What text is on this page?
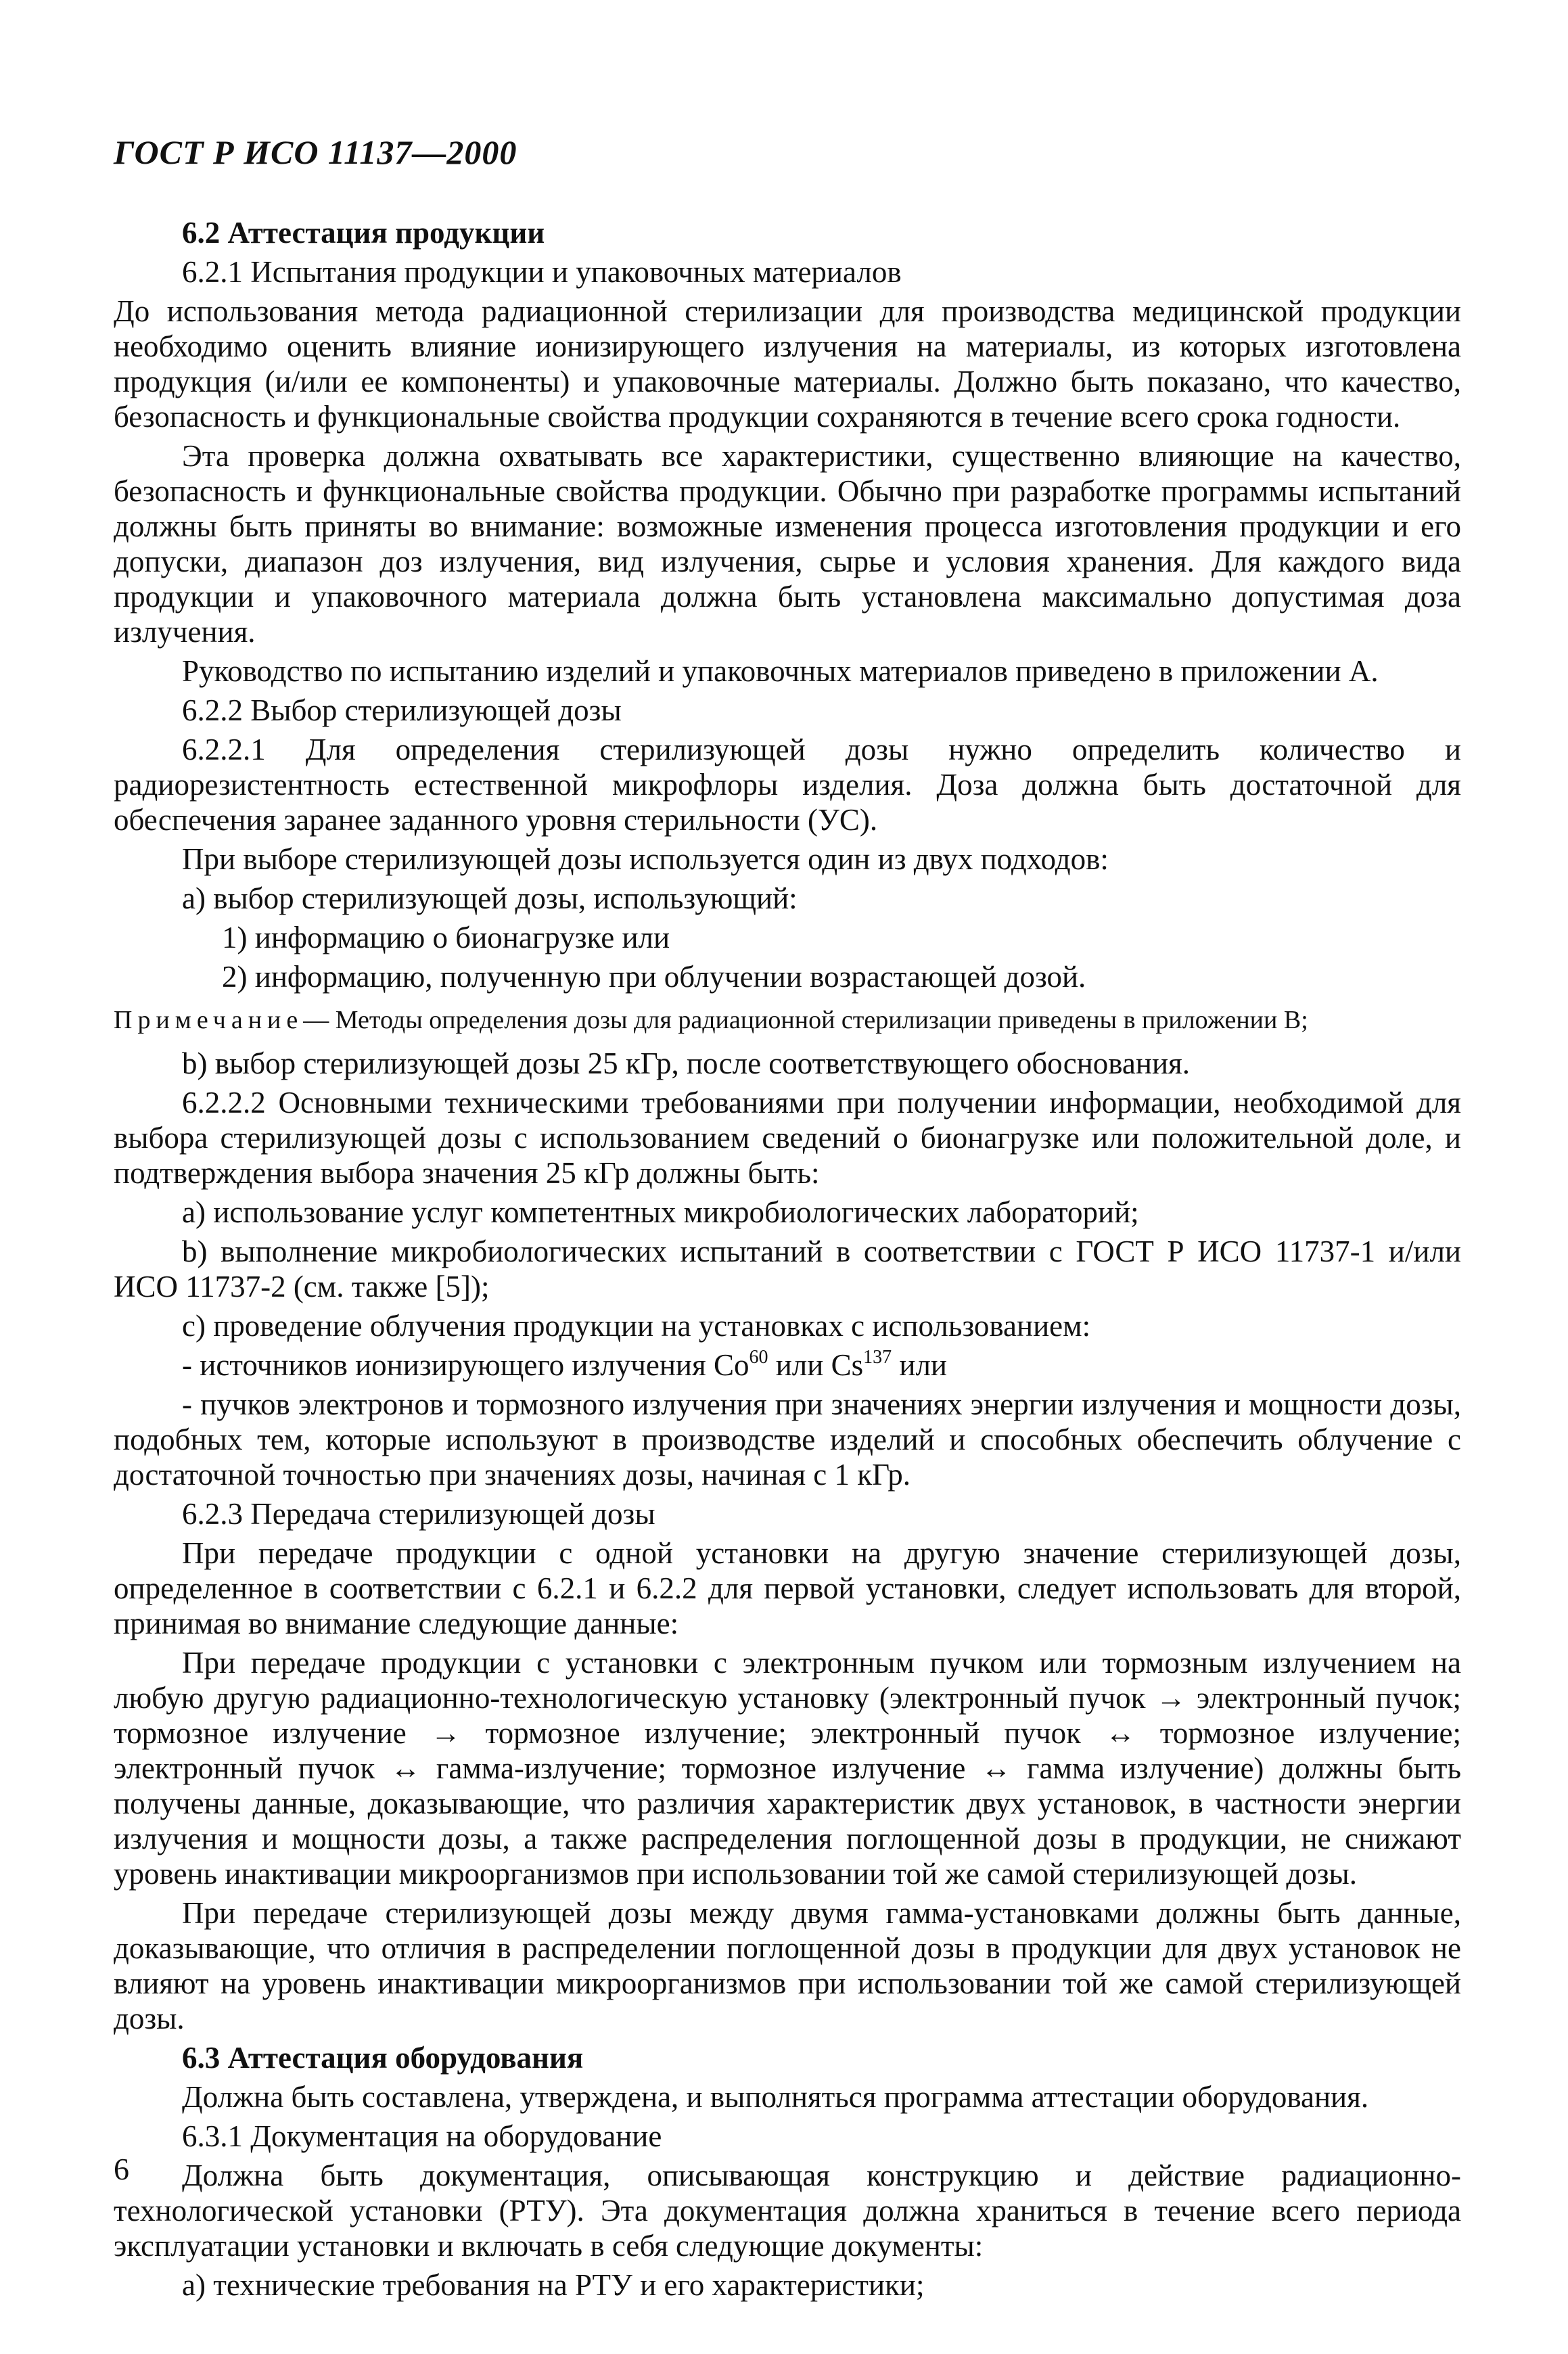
ГОСТ Р ИСО 11137—2000

6.2 Аттестация продукции

6.2.1 Испытания продукции и упаковочных материалов

До использования метода радиационной стерилизации для производства медицинской продукции необходимо оценить влияние ионизирующего излучения на материалы, из которых изготовлена продукция (и/или ее компоненты) и упаковочные материалы. Должно быть показано, что качество, безопасность и функциональные свойства продукции сохраняются в течение всего срока годности.

Эта проверка должна охватывать все характеристики, существенно влияющие на качество, безопасность и функциональные свойства продукции. Обычно при разработке программы испытаний должны быть приняты во внимание: возможные изменения процесса изготовления продукции и его допуски, диапазон доз излучения, вид излучения, сырье и условия хранения. Для каждого вида продукции и упаковочного материала должна быть установлена максимально допустимая доза излучения.

Руководство по испытанию изделий и упаковочных материалов приведено в приложении А.

6.2.2 Выбор стерилизующей дозы

6.2.2.1 Для определения стерилизующей дозы нужно определить количество и радиорезистентность естественной микрофлоры изделия. Доза должна быть достаточной для обеспечения заранее заданного уровня стерильности (УС).

При выборе стерилизующей дозы используется один из двух подходов:

a) выбор стерилизующей дозы, использующий:

1) информацию о бионагрузке или

2) информацию, полученную при облучении возрастающей дозой.

Примечание— Методы определения дозы для радиационной стерилизации приведены в приложении В;

b) выбор стерилизующей дозы 25 кГр, после соответствующего обоснования.

6.2.2.2 Основными техническими требованиями при получении информации, необходимой для выбора стерилизующей дозы с использованием сведений о бионагрузке или положительной доле, и подтверждения выбора значения 25 кГр должны быть:

a) использование услуг компетентных микробиологических лабораторий;

b) выполнение микробиологических испытаний в соответствии с ГОСТ Р ИСО 11737-1 и/или ИСО 11737-2 (см. также [5]);

c) проведение облучения продукции на установках с использованием:

- источников ионизирующего излучения Co$^{60}$ или Cs$^{137}$ или

- пучков электронов и тормозного излучения при значениях энергии излучения и мощности дозы, подобных тем, которые используют в производстве изделий и способных обеспечить облучение с достаточной точностью при значениях дозы, начиная с 1 кГр.

6.2.3 Передача стерилизующей дозы

При передаче продукции с одной установки на другую значение стерилизующей дозы, определенное в соответствии с 6.2.1 и 6.2.2 для первой установки, следует использовать для второй, принимая во внимание следующие данные:

При передаче продукции с установки с электронным пучком или тормозным излучением на любую другую радиационно-технологическую установку (электронный пучок → электронный пучок; тормозное излучение → тормозное излучение; электронный пучок ↔ тормозное излучение; электронный пучок ↔ гамма-излучение; тормозное излучение ↔ гамма излучение) должны быть получены данные, доказывающие, что различия характеристик двух установок, в частности энергии излучения и мощности дозы, а также распределения поглощенной дозы в продукции, не снижают уровень инактивации микроорганизмов при использовании той же самой стерилизующей дозы.

При передаче стерилизующей дозы между двумя гамма-установками должны быть данные, доказывающие, что отличия в распределении поглощенной дозы в продукции для двух установок не влияют на уровень инактивации микроорганизмов при использовании той же самой стерилизующей дозы.

6.3 Аттестация оборудования

Должна быть составлена, утверждена, и выполняться программа аттестации оборудования.

6.3.1 Документация на оборудование

Должна быть документация, описывающая конструкцию и действие радиационно-технологической установки (РТУ). Эта документация должна храниться в течение всего периода эксплуатации установки и включать в себя следующие документы:

a) технические требования на РТУ и его характеристики;

6
